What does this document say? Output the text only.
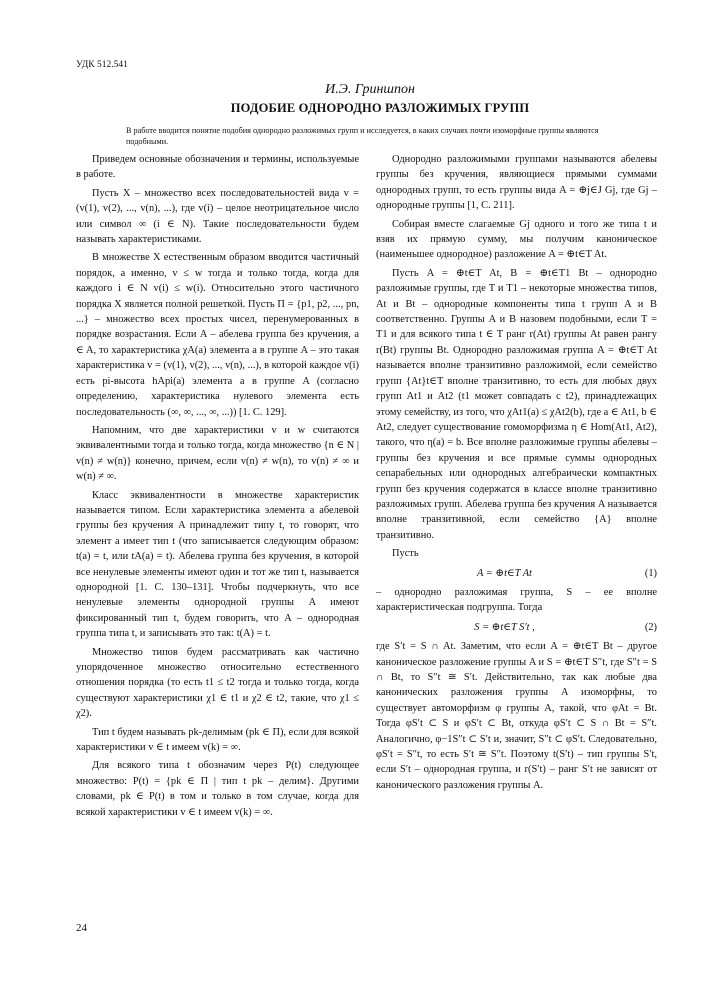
УДК 512.541
И.Э. Гриншпон
ПОДОБИЕ ОДНОРОДНО РАЗЛОЖИМЫХ ГРУПП
В работе вводится понятие подобия однородно разложимых групп и исследуется, в каких случаях почти изоморфные группы являются подобными.

Приведем основные обозначения и термины, используемые в работе.

Пусть X – множество всех последовательностей вида v = (v(1), v(2), ..., v(n), ...), где v(i) – целое неотрицательное число или символ ∞ (i ∈ N). Такие последовательности будем называть характеристиками.

В множестве X естественным образом вводится частичный порядок, а именно, v ≤ w тогда и только тогда, когда для каждого i ∈ N v(i) ≤ w(i). Относительно этого частичного порядка X является полной решеткой. Пусть Π = {p1, p2, ..., pn, ...} – множество всех простых чисел, перенумерованных в порядке возрастания. Если A – абелева группа без кручения, a ∈ A, то характеристика χA(a) элемента a в группе A – это такая характеристика v = (v(1), v(2), ..., v(n), ...), в которой каждое v(i) есть pi-высота hApi(a) элемента a в группе A (согласно определению, характеристика нулевого элемента есть последовательность (∞, ∞, ..., ∞, ...)) [1. С. 129].

Напомним, что две характеристики v и w считаются эквивалентными тогда и только тогда, когда множество {n ∈ N | v(n) ≠ w(n)} конечно, причем, если v(n) ≠ w(n), то v(n) ≠ ∞ и w(n) ≠ ∞.

Класс эквивалентности в множестве характеристик называется типом. Если характеристика элемента a абелевой группы без кручения A принадлежит типу t, то говорят, что элемент a имеет тип t (что записывается следующим образом: t(a) = t, или tA(a) = t). Абелева группа без кручения, в которой все ненулевые элементы имеют один и тот же тип t, называется однородной [1. С. 130–131]. Чтобы подчеркнуть, что все ненулевые элементы однородной группы A имеют фиксированный тип t, будем говорить, что A – однородная группа типа t, и записывать это так: t(A) = t.

Множество типов будем рассматривать как частично упорядоченное множество относительно естественного отношения порядка (то есть t1 ≤ t2 тогда и только тогда, когда существуют характеристики χ1 ∈ t1 и χ2 ∈ t2, такие, что χ1 ≤ χ2).

Тип t будем называть pk-делимым (pk ∈ Π), если для всякой характеристики v ∈ t имеем v(k) = ∞.

Для всякого типа t обозначим через P(t) следующее множество: P(t) = {pk ∈ Π | тип t pk – делим}. Другими словами, pk ∈ P(t) в том и только в том случае, когда для всякой характеристики v ∈ t имеем v(k) = ∞.

Однородно разложимыми группами называются абелевы группы без кручения, являющиеся прямыми суммами однородных групп, то есть группы вида A = ⊕j∈J Gj, где Gj –однородные группы [1, С. 211].

Собирая вместе слагаемые Gj одного и того же типа t и взяв их прямую сумму, мы получим каноническое (наименьшее однородное) разложение A = ⊕t∈T At.

Пусть A = ⊕t∈T At, B = ⊕t∈T1 Bt – однородно разложимые группы, где T и T1 – некоторые множества типов, At и Bt – однородные компоненты типа t групп A и B соответственно. Группы A и B назовем подобными, если T = T1 и для всякого типа t ∈ T ранг r(At) группы At равен рангу r(Bt) группы Bt. Однородно разложимая группа A = ⊕t∈T At называется вполне транзитивно разложимой, если семейство групп {At}t∈T вполне транзитивно, то есть для любых двух групп At1 и At2 (t1 может совпадать с t2), принадлежащих этому семейству, из того, что χAt1(a) ≤ χAt2(b), где a ∈ At1, b ∈ At2, следует существование гомоморфизма η ∈ Hom(At1, At2), такого, что η(a) = b. Все вполне разложимые группы абелевы – группы без кручения и все прямые суммы однородных сепарабельных или однородных алгебраически компактных групп без кручения содержатся в классе вполне транзитивно разложимых групп. Абелева группа без кручения A называется вполне транзитивной, если семейство {A} вполне транзитивно.

Пусть

A = ⊕t∈T At	(1)

– однородно разложимая группа, S – ее вполне характеристическая подгруппа. Тогда

S = ⊕t∈T S′t ,	(2)

где S′t = S ∩ At. Заметим, что если A = ⊕t∈T Bt – другое каноническое разложение группы A и S = ⊕t∈T S″t, где S″t = S ∩ Bt, то S″t ≅ S′t. Действительно, так как любые два канонических разложения группы A изоморфны, то существует автоморфизм φ группы A, такой, что φAt = Bt. Тогда φS′t ⊂ S и φS′t ⊂ Bt, откуда φS′t ⊂ S ∩ Bt = S″t. Аналогично, φ−1S″t ⊂ S′t и, значит, S″t ⊂ φS′t. Следовательно, φS′t = S″t, то есть S′t ≅ S″t. Поэтому t(S′t) – тип группы S′t, если S′t – однородная группа, и r(S′t) – ранг S′t не зависят от канонического разложения группы A.

24
